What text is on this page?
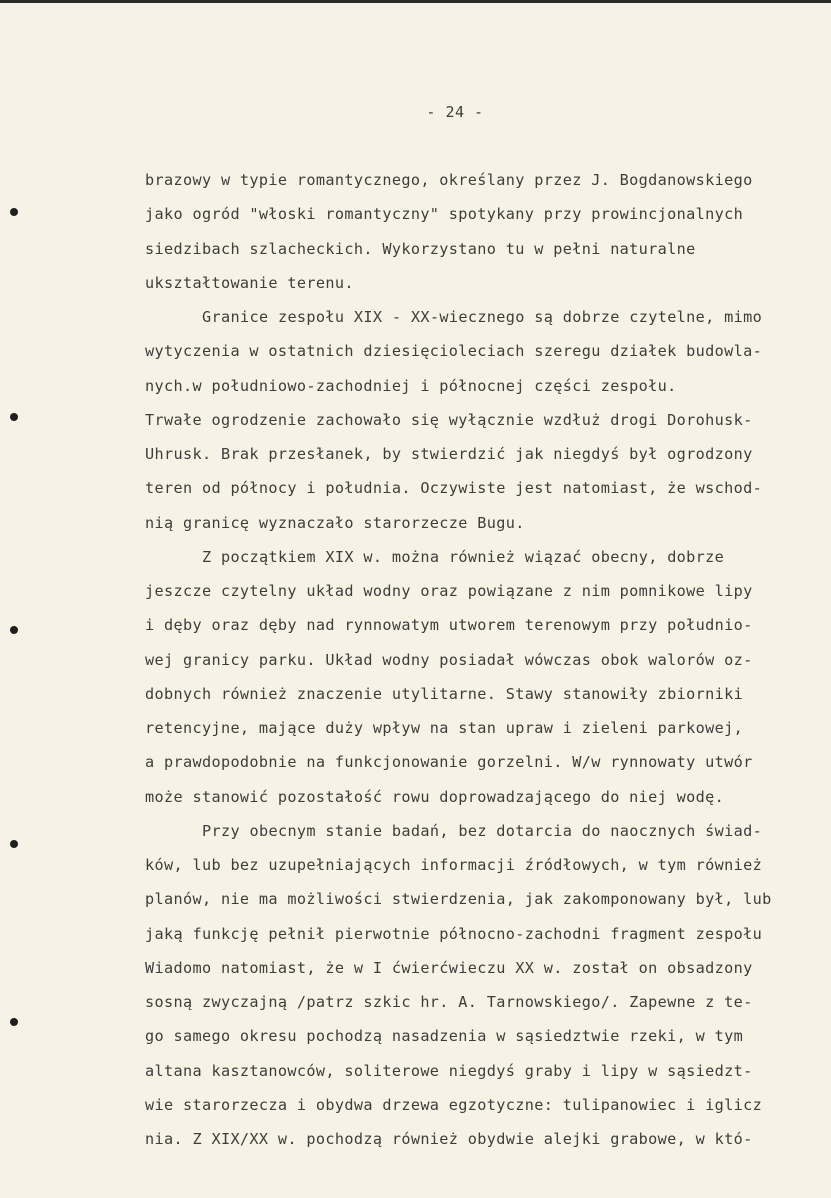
- 24 -
brazowy w typie romantycznego, określany przez J. Bogdanowskiego
jako ogród "włoski romantyczny" spotykany przy prowincjonalnych
siedzibach szlacheckich. Wykorzystano tu w pełni naturalne
ukształtowanie terenu.
Granice zespołu XIX - XX-wiecznego są dobrze czytelne, mimo
wytyczenia w ostatnich dziesięcioleciach szeregu działek budowla-
nych.w południowo-zachodniej i północnej części zespołu.
Trwałe ogrodzenie zachowało się wyłącznie wzdłuż drogi Dorohusk-
Uhrusk. Brak przesłanek, by stwierdzić jak niegdyś był ogrodzony
teren od północy i południa. Oczywiste jest natomiast, że wschod-
nią granicę wyznaczało starorzecze Bugu.
Z początkiem XIX w. można również wiązać obecny, dobrze
jeszcze czytelny układ wodny oraz powiązane z nim pomnikowe lipy
i dęby oraz dęby nad rynnowatym utworem terenowym przy południo-
wej granicy parku. Układ wodny posiadał wówczas obok walorów oz-
dobnych również znaczenie utylitarne. Stawy stanowiły zbiorniki
retencyjne, mające duży wpływ na stan upraw i zieleni parkowej,
a prawdopodobnie na funkcjonowanie gorzelni. W/w rynnowaty utwór
może stanowić pozostałość rowu doprowadzającego do niej wodę.
Przy obecnym stanie badań, bez dotarcia do naocznych świad-
ków, lub bez uzupełniających informacji źródłowych, w tym również
planów, nie ma możliwości stwierdzenia, jak zakomponowany był, lub
jaką funkcję pełnił pierwotnie północno-zachodni fragment zespołu
Wiadomo natomiast, że w I ćwierćwieczu XX w. został on obsadzony
sosną zwyczajną /patrz szkic hr. A. Tarnowskiego/. Zapewne z te-
go samego okresu pochodzą nasadzenia w sąsiedztwie rzeki, w tym
altana kasztanowców, soliterowe niegdyś graby i lipy w sąsiedzt-
wie starorzecza i obydwa drzewa egzotyczne: tulipanowiec i iglicz
nia. Z XIX/XX w. pochodzą również obydwie alejki grabowe, w któ-
